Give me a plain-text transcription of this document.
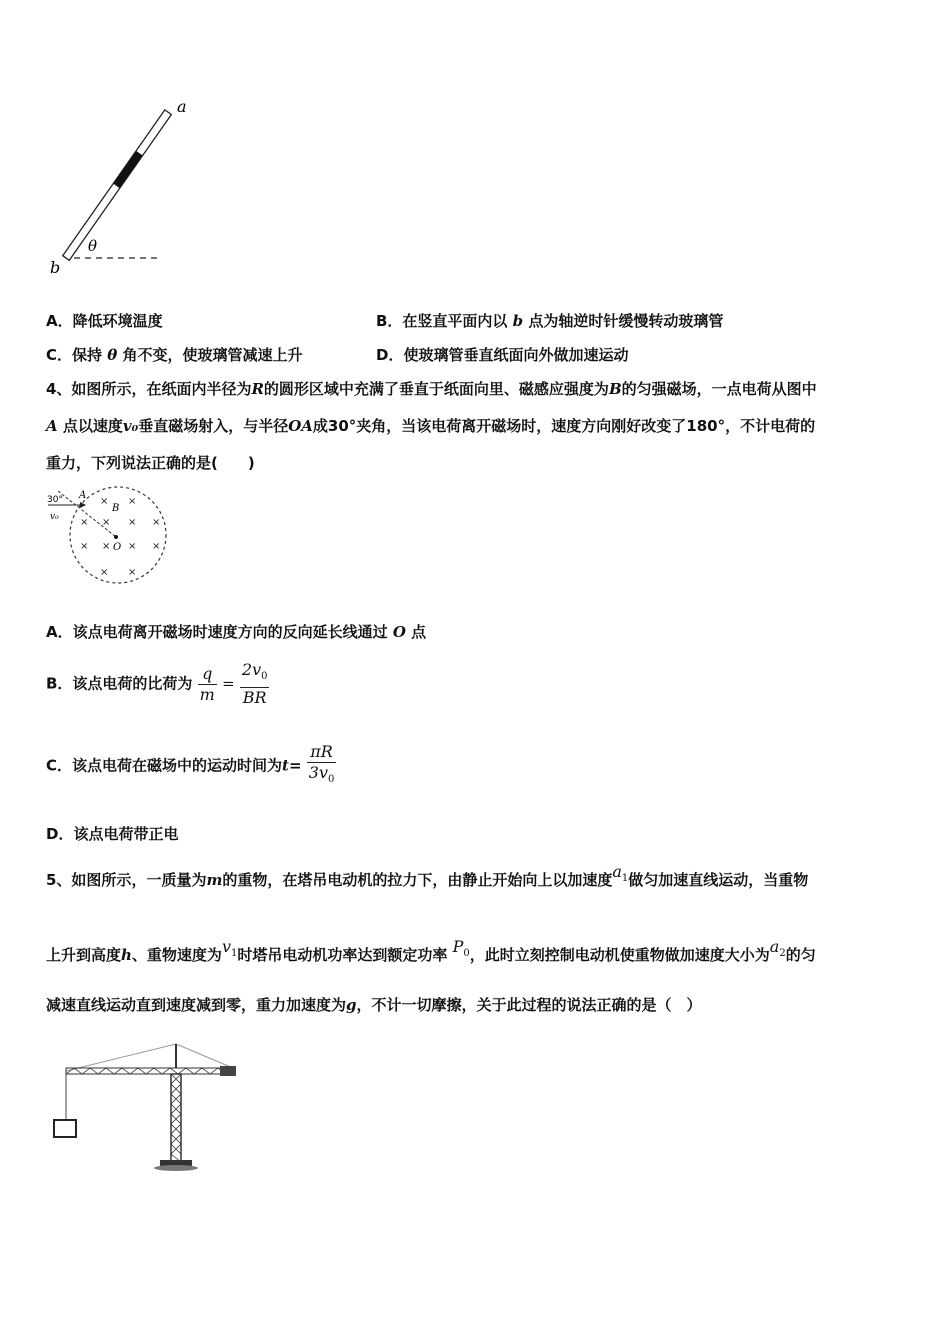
a
b
θ
A．降低环境温度	B．在竖直平面内以 b 点为轴逆时针缓慢转动玻璃管
C．保持 θ 角不变，使玻璃管减速上升	D．使玻璃管垂直纸面向外做加速运动
4、如图所示，在纸面内半径为R的圆形区域中充满了垂直于纸面向里、磁感应强度为B的匀强磁场，一点电荷从图中
A 点以速度v₀垂直磁场射入，与半径OA成30°夹角，当该电荷离开磁场时，速度方向刚好改变了180°，不计电荷的
重力，下列说法正确的是(　　)
30°
v₀
A
B
O
× ×
× × × ×
× × × ×
× ×
A．该点电荷离开磁场时速度方向的反向延长线通过 O 点
B．该点电荷的比荷为 $\frac{q}{m} = \frac{2v_0}{BR}$
C．该点电荷在磁场中的运动时间为$t= \frac{\pi R}{3v_0}$
D．该点电荷带正电
5、如图所示，一质量为m的重物，在塔吊电动机的拉力下，由静止开始向上以加速度$a_1$做匀加速直线运动，当重物
上升到高度h、重物速度为$v_1$时塔吊电动机功率达到额定功率 $P_0$，此时立刻控制电动机使重物做加速度大小为$a_2$的匀
减速直线运动直到速度减到零，重力加速度为g，不计一切摩擦，关于此过程的说法正确的是（　）
